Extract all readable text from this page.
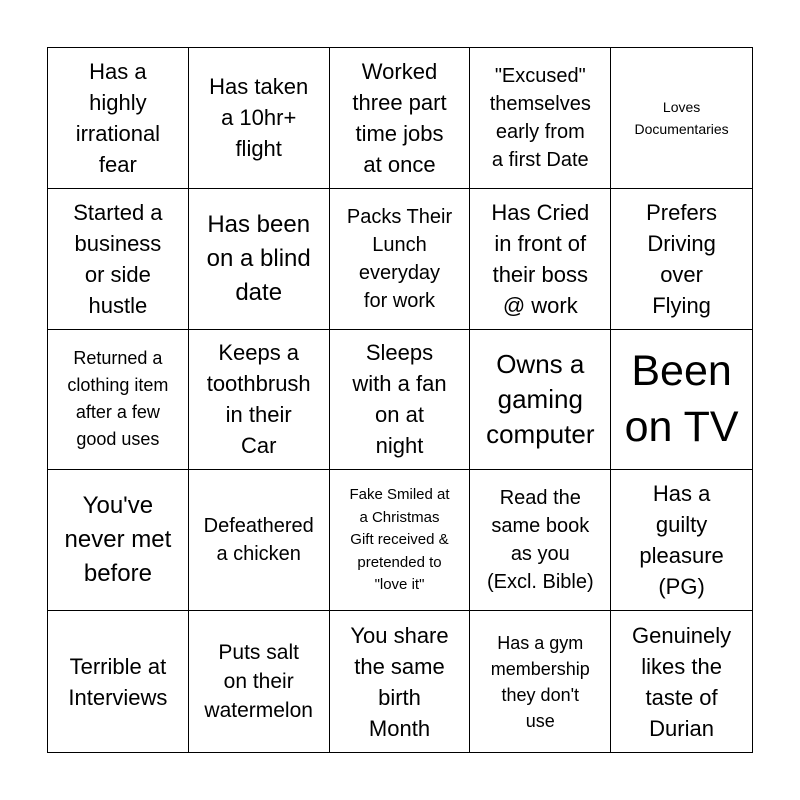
Has a
highly
irrational
fear
Has taken
a 10hr+
flight
Worked
three part
time jobs
at once
"Excused"
themselves
early from
a first Date
Loves
Documentaries
Started a
business
or side
hustle
Has been
on a blind
date
Packs Their
Lunch
everyday
for work
Has Cried
in front of
their boss
@ work
Prefers
Driving
over
Flying
Returned a
clothing item
after a few
good uses
Keeps a
toothbrush
in their
Car
Sleeps
with a fan
on at
night
Owns a
gaming
computer
Been
on TV
You've
never met
before
Defeathered
a chicken
Fake Smiled at
a Christmas
Gift received &
pretended to
"love it"
Read the
same book
as you
(Excl. Bible)
Has a
guilty
pleasure
(PG)
Terrible at
Interviews
Puts salt
on their
watermelon
You share
the same
birth
Month
Has a gym
membership
they don't
use
Genuinely
likes the
taste of
Durian
